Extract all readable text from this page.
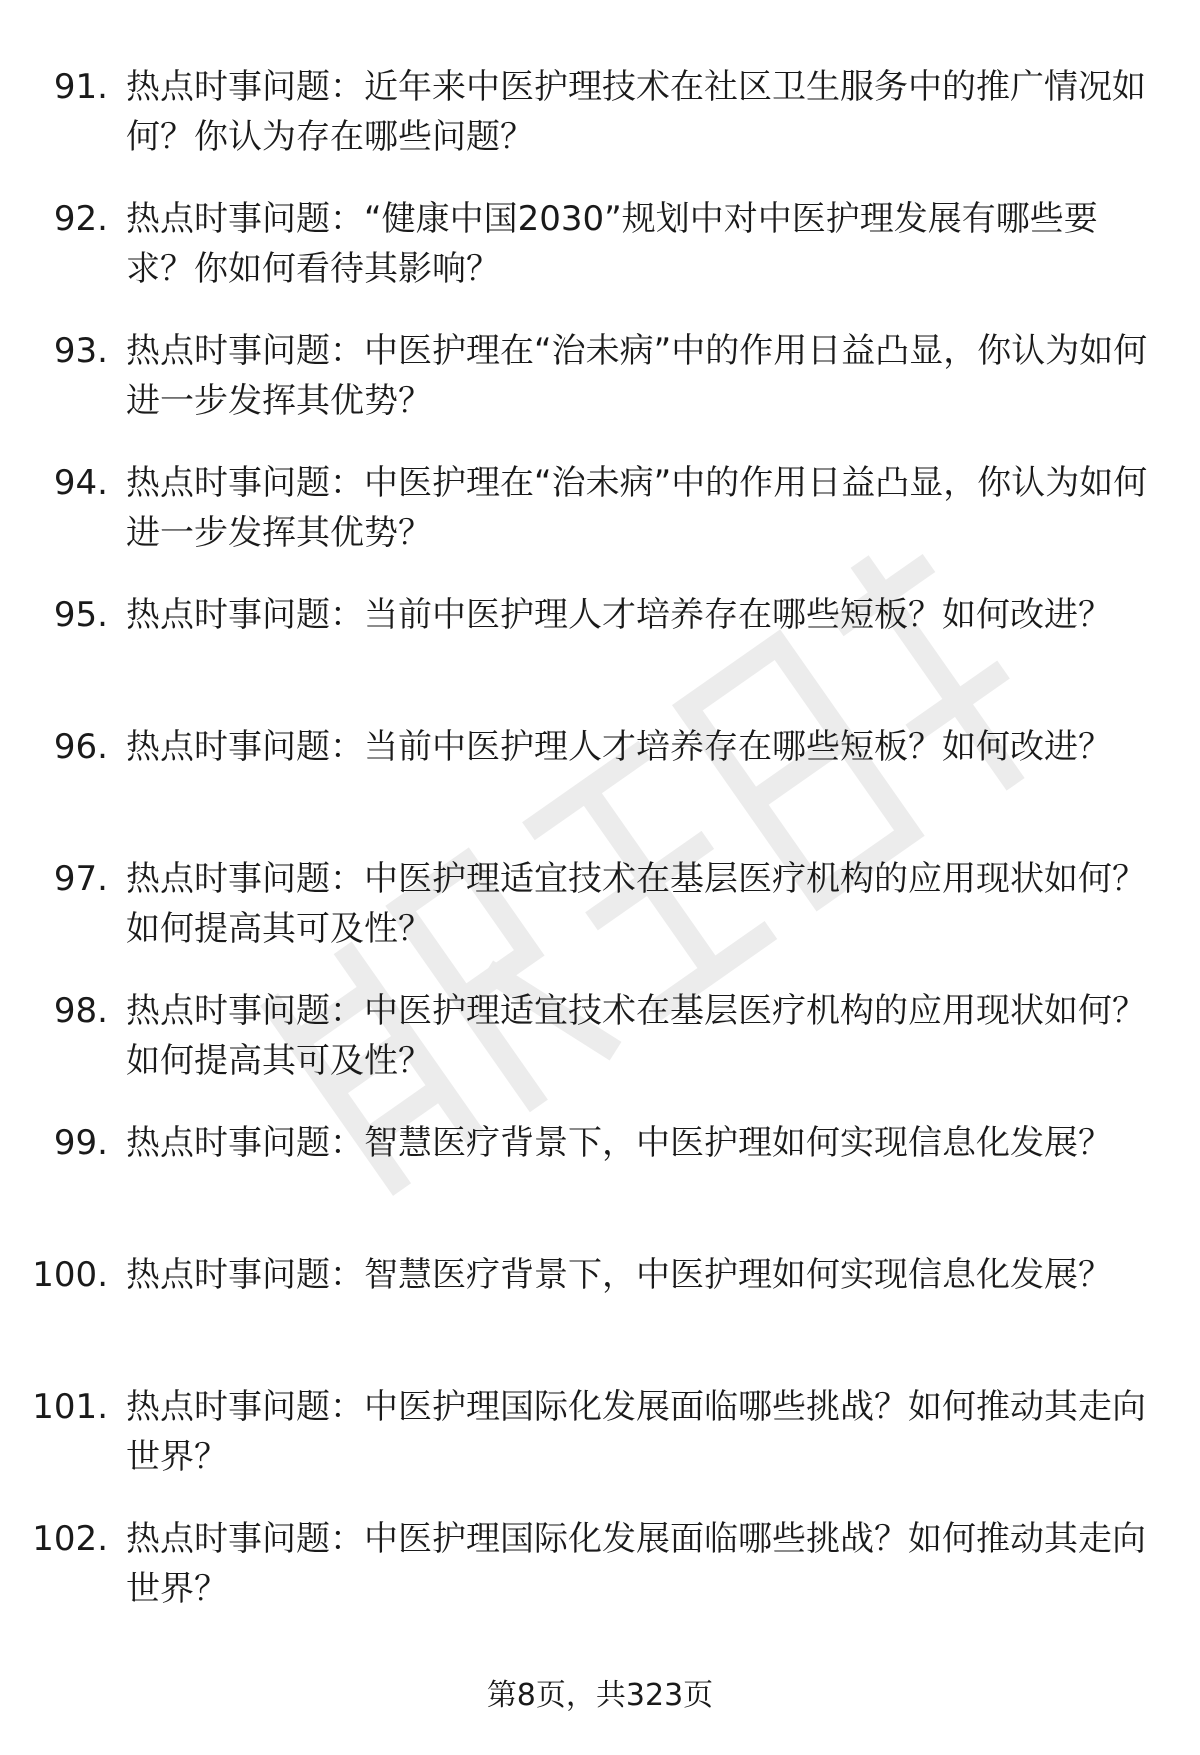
91. 热点时事问题：近年来中医护理技术在社区卫生服务中的推广情况如何？你认为存在哪些问题？
92. 热点时事问题：“健康中国2030”规划中对中医护理发展有哪些要求？你如何看待其影响？
93. 热点时事问题：中医护理在“治未病”中的作用日益凸显，你认为如何进一步发挥其优势？
94. 热点时事问题：中医护理在“治未病”中的作用日益凸显，你认为如何进一步发挥其优势？
95. 热点时事问题：当前中医护理人才培养存在哪些短板？如何改进？
96. 热点时事问题：当前中医护理人才培养存在哪些短板？如何改进？
97. 热点时事问题：中医护理适宜技术在基层医疗机构的应用现状如何？如何提高其可及性？
98. 热点时事问题：中医护理适宜技术在基层医疗机构的应用现状如何？如何提高其可及性？
99. 热点时事问题：智慧医疗背景下，中医护理如何实现信息化发展？
100. 热点时事问题：智慧医疗背景下，中医护理如何实现信息化发展？
101. 热点时事问题：中医护理国际化发展面临哪些挑战？如何推动其走向世界？
102. 热点时事问题：中医护理国际化发展面临哪些挑战？如何推动其走向世界？
第8页，共323页
